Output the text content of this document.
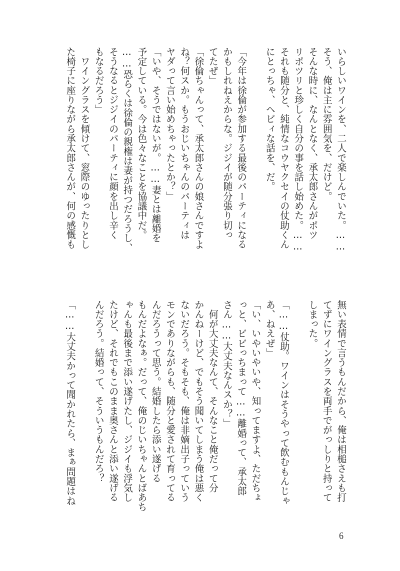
いらしいワインを、二人で楽しんでいた。……
そう、俺は主に雰囲気を、だけど。
そんな時に、なんとなく、承太郎さんがポツ
リポツリと珍しく自分の事を話し始めた。……
それも随分と、純情なコウヤクセイの仗助くん
にとっちゃ、ヘビィな話を、だ。

「今年は徐倫が参加する最後のパーティになる
かもしれねえからな。ジジイが随分張り切っ
てたぜ」
「徐倫ちゃんって、承太郎さんの娘さんですよ
ね？何スか。もうおじいちゃんのパーティは
ヤダって言い始めちゃったとか？」
「いや、そうではないが。……妻とは離婚を
予定している。今は色々なことを協議中だ。
……恐らくは徐倫の親権は妻が持つだろうし、
そうなるとジジイのパーティに顔を出し辛く
もなるだろう」
　ワイングラスを傾けて、窓際のゆったりとし
た椅子に座りながら承太郎さんが、何の感慨も
無い表情で言うもんだから、俺は相槌さえも打
てずにワイングラスを両手でがっしりと持って
しまった。

「……仗助。ワインはそうやって飲むもんじゃ
あ、ねえぜ」
「い、いやいやいや、知ってますよ、ただちょ
っと、ビビっちまって……離婚って、承太郎
さん……大丈夫なんスか？」
　何が大丈夫なんて、そんなこと俺だって分
かんねーけど、でもそう聞いてしまう俺は悪く
ないだろう。そもそも、俺は非嫡出子っていう
モンでありながらも、随分と愛されて育ってる
んだろうって思う。結婚したら添い遂げる
もんだよなぁ。だって、俺のじいちゃんとばあち
ゃんも最後まで添い遂げたし、ジジイも浮気し
たけど、それでもこのまま奥さんと添い遂げる
んだろう。結婚って、そういうもんだろ？

「……大丈夫かって聞かれたら、まぁ問題はね
6
